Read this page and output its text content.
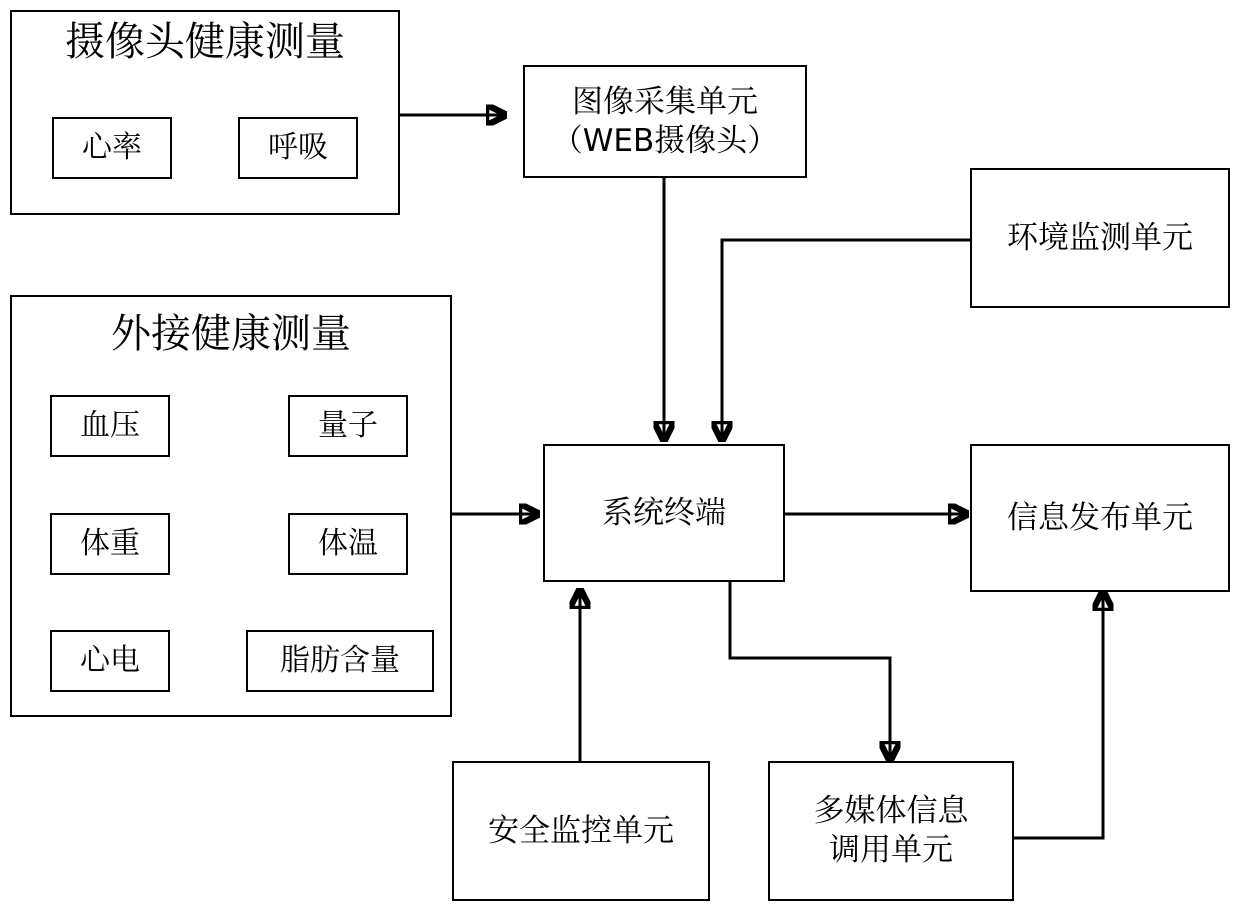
摄像头健康测量
心率	呼吸
外接健康测量
血压	量子
体重	体温
心电	脂肪含量
图像采集单元
（WEB摄像头）
环境监测单元
系统终端	信息发布单元
安全监控单元
多媒体信息
调用单元
